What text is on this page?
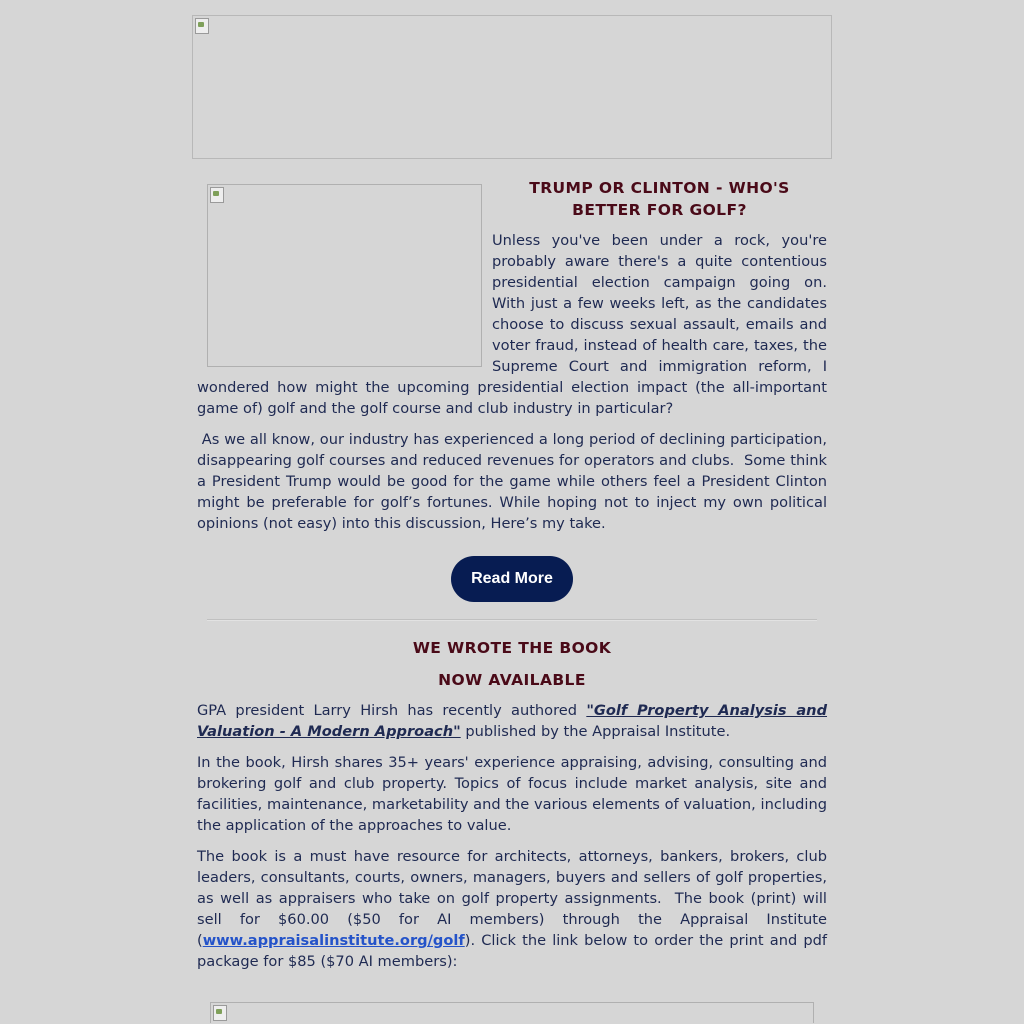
TRUMP OR CLINTON - WHO'S BETTER FOR GOLF?

Unless you've been under a rock, you're probably aware there's a quite contentious presidential election campaign going on. With just a few weeks left, as the candidates choose to discuss sexual assault, emails and voter fraud, instead of health care, taxes, the Supreme Court and immigration reform, I wondered how might the upcoming presidential election impact (the all-important game of) golf and the golf course and club industry in particular?

As we all know, our industry has experienced a long period of declining participation, disappearing golf courses and reduced revenues for operators and clubs.  Some think a President Trump would be good for the game while others feel a President Clinton might be preferable for golf’s fortunes. While hoping not to inject my own political opinions (not easy) into this discussion, Here’s my take.

Read More
WE WROTE THE BOOK
NOW AVAILABLE

GPA president Larry Hirsh has recently authored "Golf Property Analysis and Valuation - A Modern Approach" published by the Appraisal Institute.

In the book, Hirsh shares 35+ years' experience appraising, advising, consulting and brokering golf and club property. Topics of focus include market analysis, site and facilities, maintenance, marketability and the various elements of valuation, including the application of the approaches to value.

The book is a must have resource for architects, attorneys, bankers, brokers, club leaders, consultants, courts, owners, managers, buyers and sellers of golf properties, as well as appraisers who take on golf property assignments.  The book (print) will sell for $60.00 ($50 for AI members) through the Appraisal Institute (www.appraisalinstitute.org/golf). Click the link below to order the print and pdf package for $85 ($70 AI members):
